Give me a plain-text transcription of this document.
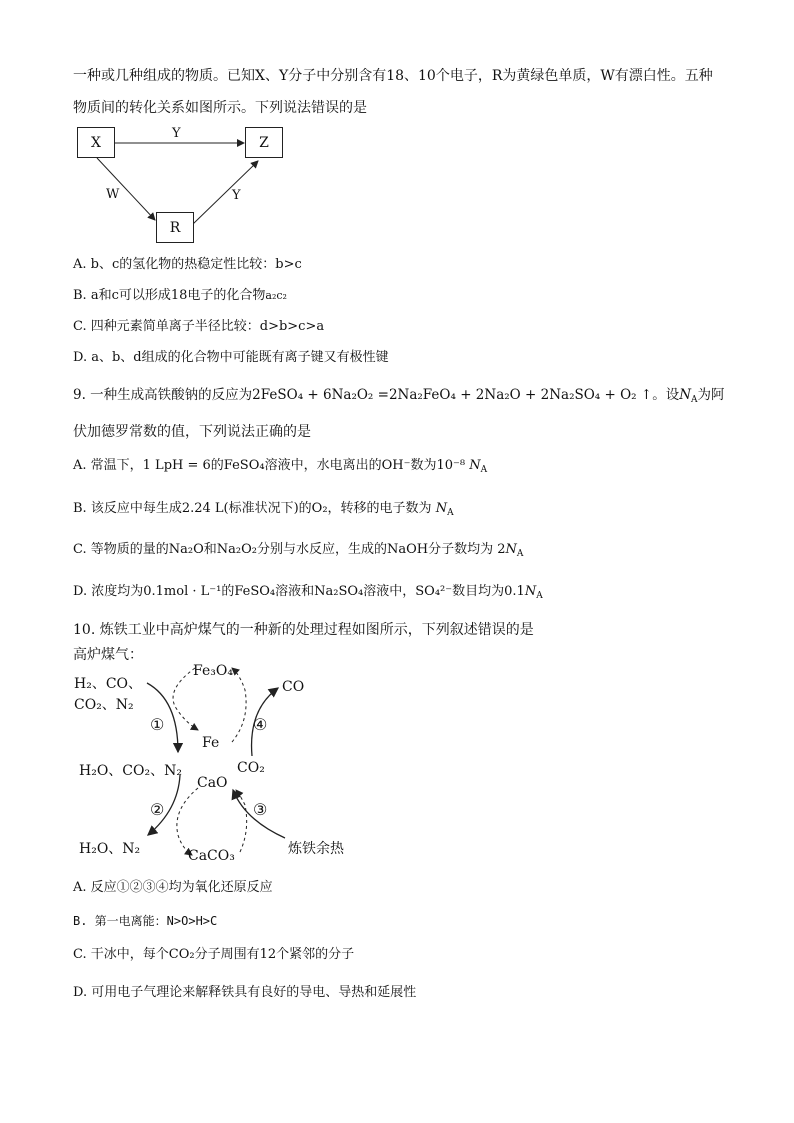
一种或几种组成的物质。已知X、Y分子中分别含有18、10个电子，R为黄绿色单质，W有漂白性。五种
物质间的转化关系如图所示。下列说法错误的是
X	Z
R
Y
W	Y
A. b、c的氢化物的热稳定性比较：b>c
B. a和c可以形成18电子的化合物a₂c₂
C. 四种元素简单离子半径比较：d>b>c>a
D. a、b、d组成的化合物中可能既有离子键又有极性键
9. 一种生成高铁酸钠的反应为2FeSO₄ + 6Na₂O₂ =2Na₂FeO₄ + 2Na₂O + 2Na₂SO₄ + O₂ ↑。设$N_A$为阿
伏加德罗常数的值，下列说法正确的是
A. 常温下，1 LpH = 6的FeSO₄溶液中，水电离出的OH⁻数为10⁻⁸ $N_A$
B. 该反应中每生成2.24 L(标准状况下)的O₂，转移的电子数为 $N_A$
C. 等物质的量的Na₂O和Na₂O₂分别与水反应，生成的NaOH分子数均为 $2N_A$
D. 浓度均为0.1mol · L⁻¹的FeSO₄溶液和Na₂SO₄溶液中，SO₄²⁻数目均为$0.1N_A$
10. 炼铁工业中高炉煤气的一种新的处理过程如图所示，下列叙述错误的是
高炉煤气：
H₂、CO、
CO₂、N₂
Fe₃O₄
CO
①	④
Fe
H₂O、CO₂、N₂
CaO
CO₂
②	③
H₂O、N₂	炼铁余热
CaCO₃
A. 反应①②③④均为氧化还原反应
B. 第一电离能：N>O>H>C
C. 干冰中，每个CO₂分子周围有12个紧邻的分子
D. 可用电子气理论来解释铁具有良好的导电、导热和延展性
